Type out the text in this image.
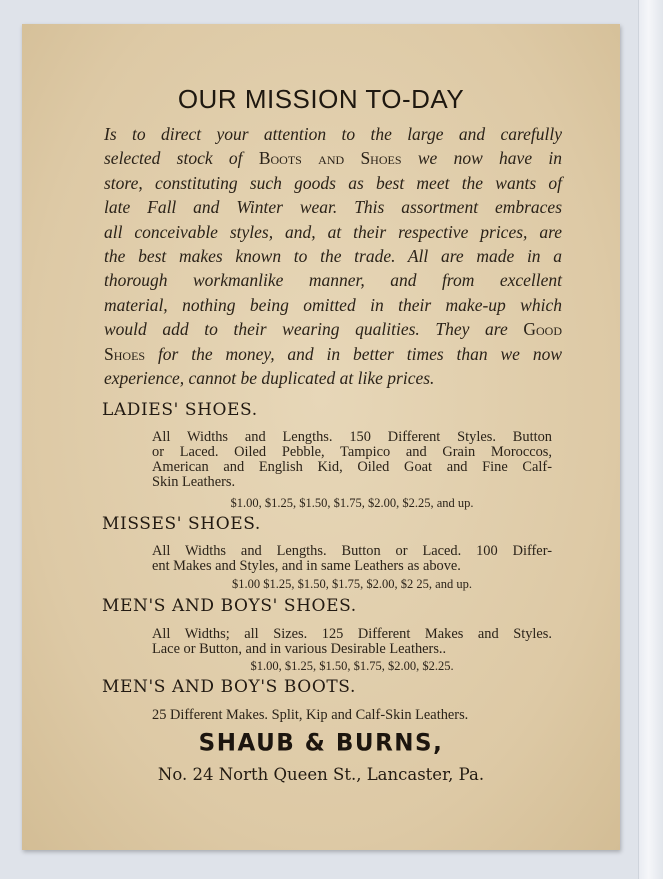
OUR MISSION TO-DAY
Is to direct your attention to the large and carefully
selected stock of Boots and Shoes we now have in
store, constituting such goods as best meet the wants of
late Fall and Winter wear. This assortment embraces
all conceivable styles, and, at their respective prices, are
the best makes known to the trade. All are made in a
thorough workmanlike manner, and from excellent
material, nothing being omitted in their make-up which
would add to their wearing qualities. They are Good
Shoes for the money, and in better times than we now
experience, cannot be duplicated at like prices.
LADIES' SHOES.
All Widths and Lengths. 150 Different Styles. Button
or Laced. Oiled Pebble, Tampico and Grain Moroccos,
American and English Kid, Oiled Goat and Fine Calf-
Skin Leathers.
$1.00, $1.25, $1.50, $1.75, $2.00, $2.25, and up.
MISSES' SHOES.
All Widths and Lengths. Button or Laced. 100 Differ-
ent Makes and Styles, and in same Leathers as above.
$1.00 $1.25, $1.50, $1.75, $2.00, $2 25, and up.
MEN'S AND BOYS' SHOES.
All Widths; all Sizes. 125 Different Makes and Styles.
Lace or Button, and in various Desirable Leathers..
$1.00, $1.25, $1.50, $1.75, $2.00, $2.25.
MEN'S AND BOY'S BOOTS.
25 Different Makes. Split, Kip and Calf-Skin Leathers.
SHAUB & BURNS,
No. 24 North Queen St., Lancaster, Pa.
